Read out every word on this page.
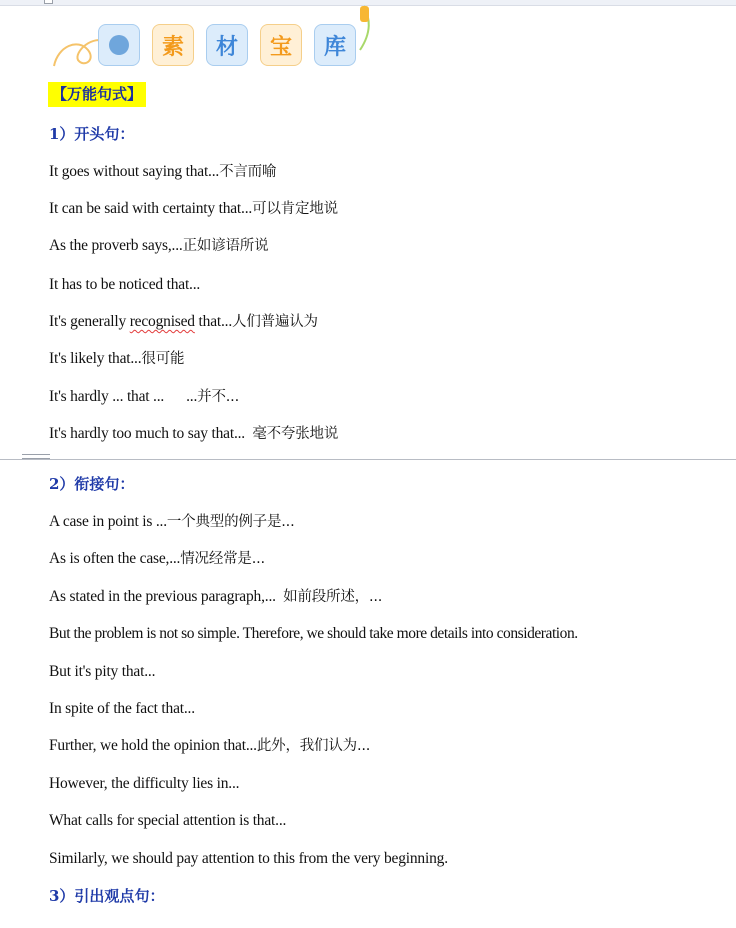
素	材	宝	库
【万能句式】
1）开头句：
It goes without saying that...不言而喻
It can be said with certainty that...可以肯定地说
As the proverb says,...正如谚语所说
It has to be noticed that...
It's generally recognised that...人们普遍认为
It's likely that...很可能
It's hardly ... that ...      ...并不...
It's hardly too much to say that...  毫不夸张地说
2）衔接句：
A case in point is ...一个典型的例子是...
As is often the case,...情况经常是...
As stated in the previous paragraph,...  如前段所述，...
But the problem is not so simple. Therefore, we should take more details into consideration.
But it's pity that...
In spite of the fact that...
Further, we hold the opinion that...此外，我们认为...
However, the difficulty lies in...
What calls for special attention is that...
Similarly, we should pay attention to this from the very beginning.
3）引出观点句：
